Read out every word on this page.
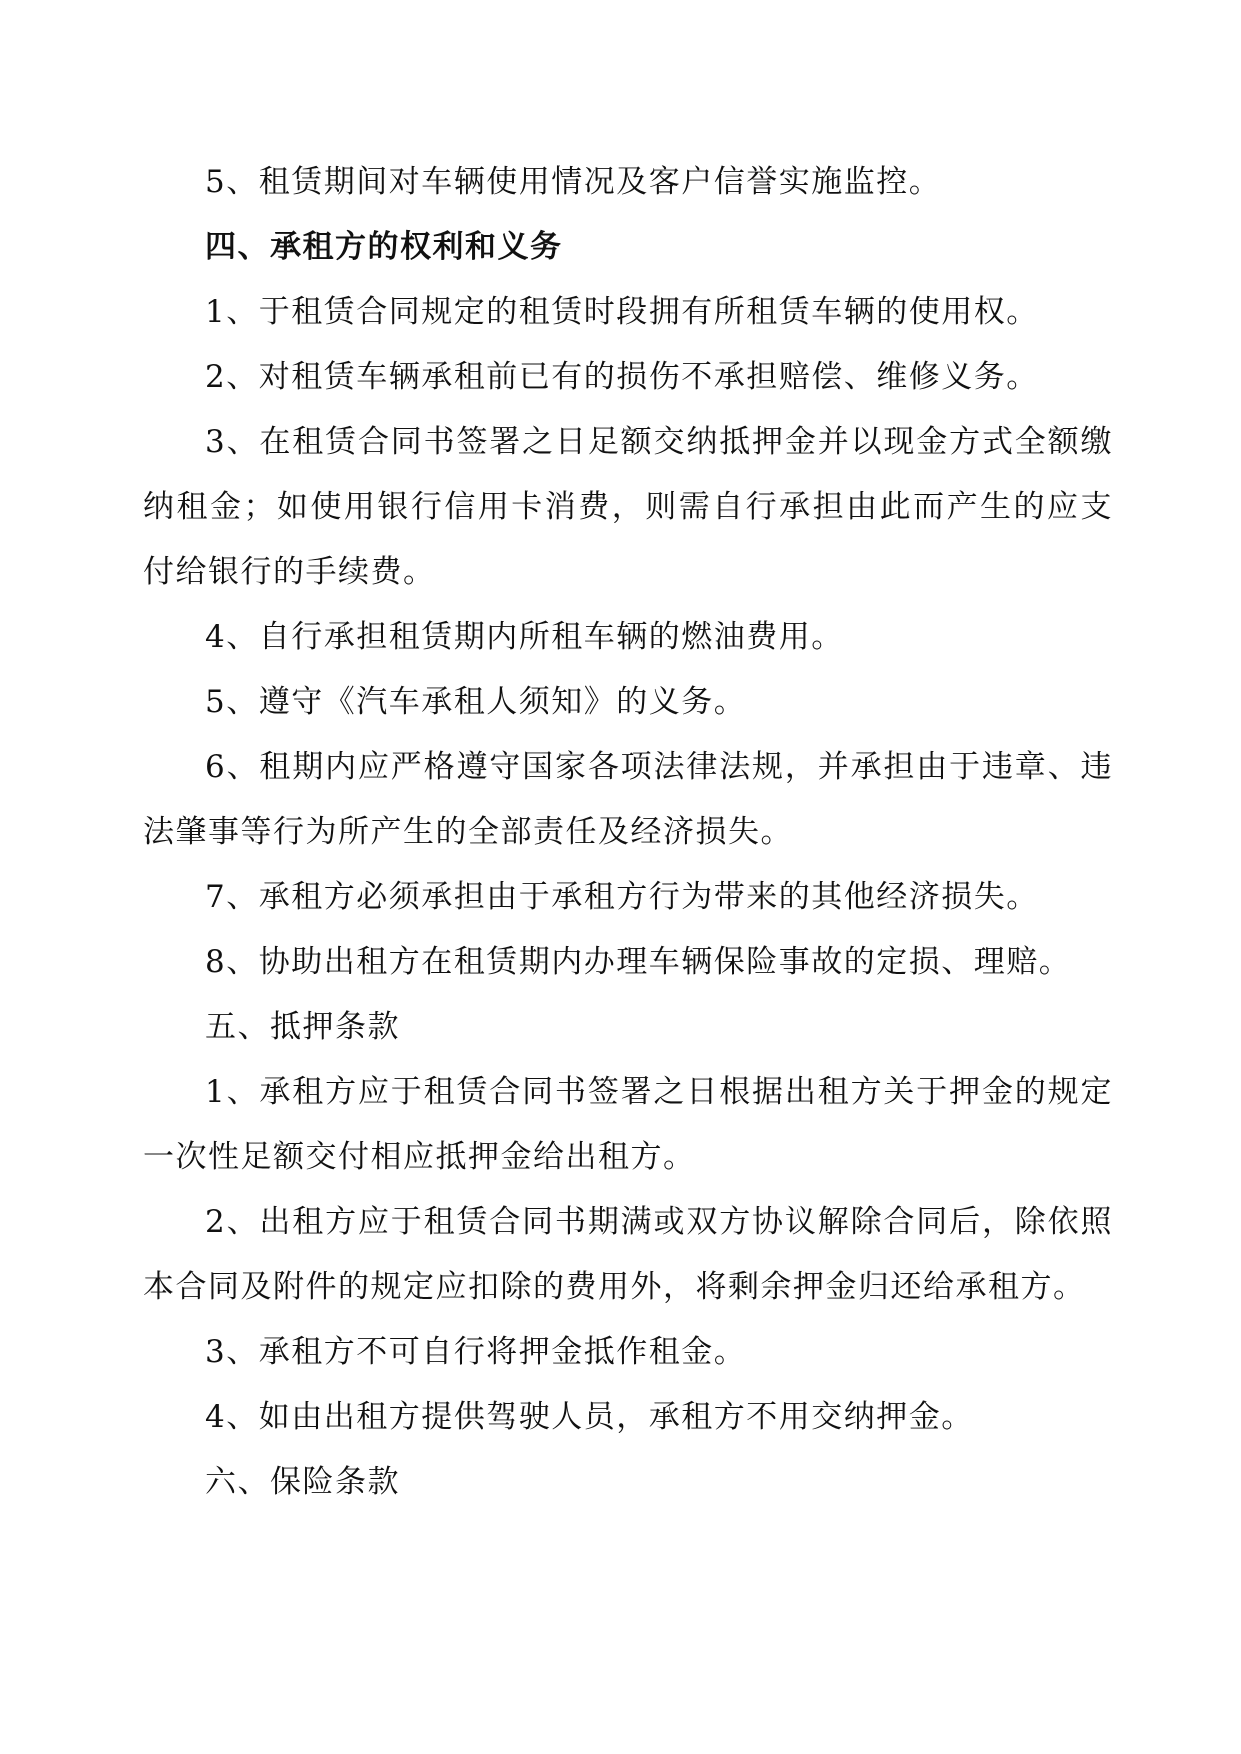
5、租赁期间对车辆使用情况及客户信誉实施监控。

四、承租方的权利和义务

1、于租赁合同规定的租赁时段拥有所租赁车辆的使用权。

2、对租赁车辆承租前已有的损伤不承担赔偿、维修义务。

3、在租赁合同书签署之日足额交纳抵押金并以现金方式全额缴纳租金；如使用银行信用卡消费，则需自行承担由此而产生的应支付给银行的手续费。

4、自行承担租赁期内所租车辆的燃油费用。

5、遵守《汽车承租人须知》的义务。

6、租期内应严格遵守国家各项法律法规，并承担由于违章、违法肇事等行为所产生的全部责任及经济损失。

7、承租方必须承担由于承租方行为带来的其他经济损失。

8、协助出租方在租赁期内办理车辆保险事故的定损、理赔。

五、抵押条款

1、承租方应于租赁合同书签署之日根据出租方关于押金的规定一次性足额交付相应抵押金给出租方。

2、出租方应于租赁合同书期满或双方协议解除合同后，除依照本合同及附件的规定应扣除的费用外，将剩余押金归还给承租方。

3、承租方不可自行将押金抵作租金。

4、如由出租方提供驾驶人员，承租方不用交纳押金。

六、保险条款
